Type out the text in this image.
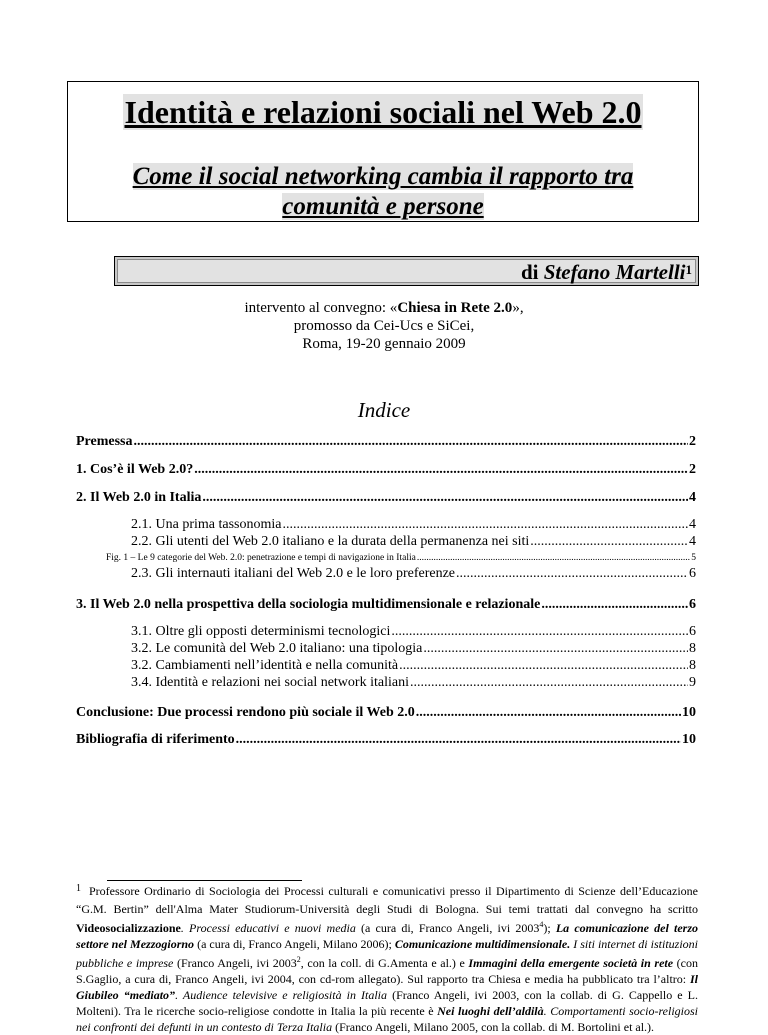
Identità e relazioni sociali nel Web 2.0
Come il social networking cambia il rapporto tra comunità e persone
di Stefano Martelli$^1$
intervento al convegno: «Chiesa in Rete 2.0»,
promosso da Cei-Ucs e SiCei,
Roma, 19-20 gennaio 2009
Indice
Premessa .....	2
1. Cos’è il Web 2.0? .....	2
2. Il Web 2.0 in Italia .....	4
2.1. Una prima tassonomia .....	4
2.2. Gli utenti del Web 2.0 italiano e la durata della permanenza nei siti .....	4
Fig. 1 – Le 9 categorie del Web. 2.0: penetrazione e tempi di navigazione in Italia .....	5
2.3. Gli internauti italiani del Web 2.0 e le loro preferenze .....	6
3. Il Web 2.0 nella prospettiva della sociologia multidimensionale e relazionale .....	6
3.1. Oltre gli opposti determinismi tecnologici .....	6
3.2. Le comunità del Web 2.0 italiano: una tipologia .....	8
3.2. Cambiamenti nell’identità e nella comunità .....	8
3.4. Identità e relazioni nei social network italiani .....	9
Conclusione: Due processi rendono più sociale il Web 2.0 .....	10
Bibliografia di riferimento .....	10
$^1$ Professore Ordinario di Sociologia dei Processi culturali e comunicativi presso il Dipartimento di Scienze dell’Educazione “G.M. Bertin” dell'Alma Mater Studiorum-Università degli Studi di Bologna. Sui temi trattati dal convegno ha scritto Videosocializzazione. Processi educativi e nuovi media (a cura di, Franco Angeli, ivi 2003$^4$); La comunicazione del terzo settore nel Mezzogiorno (a cura di, Franco Angeli, Milano 2006); Comunicazione multidimensionale. I siti internet di istituzioni pubbliche e imprese (Franco Angeli, ivi 2003$^2$, con la coll. di G.Amenta e al.) e Immagini della emergente società in rete (con S.Gaglio, a cura di, Franco Angeli, ivi 2004, con cd-rom allegato). Sul rapporto tra Chiesa e media ha pubblicato tra l’altro: Il Giubileo “mediato”. Audience televisive e religiosità in Italia (Franco Angeli, ivi 2003, con la collab. di G. Cappello e L. Molteni). Tra le ricerche socio-religiose condotte in Italia la più recente è Nei luoghi dell’aldilà. Comportamenti socio-religiosi nei confronti dei defunti in un contesto di Terza Italia (Franco Angeli, Milano 2005, con la collab. di M. Bortolini et al.).
